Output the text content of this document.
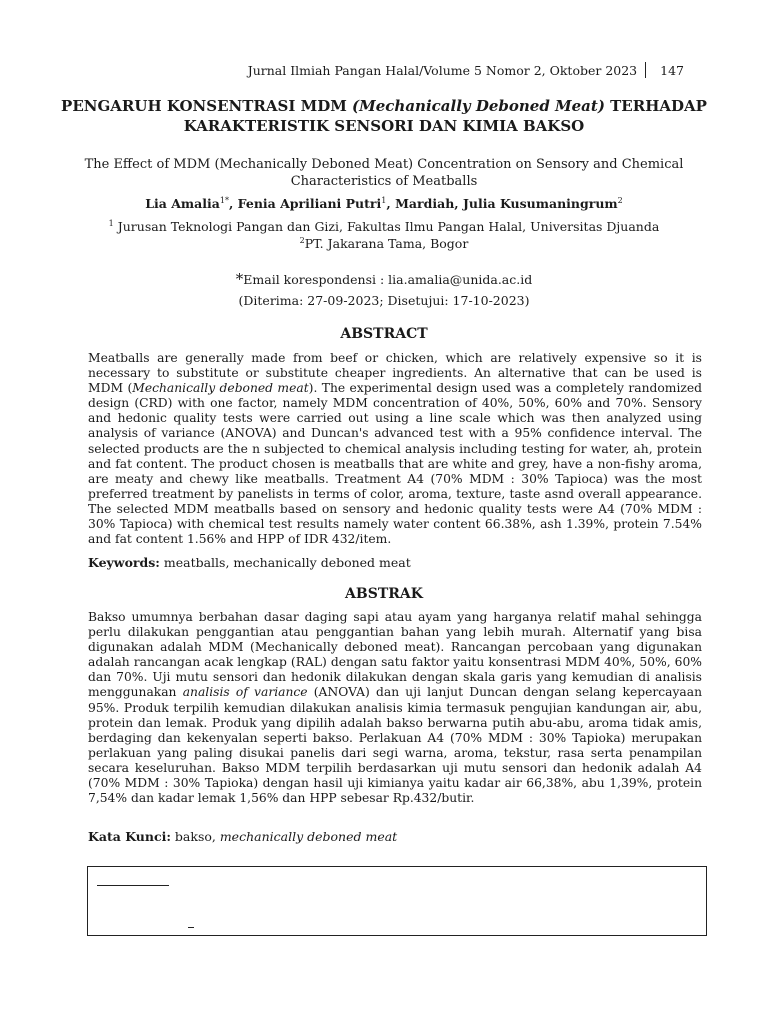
Jurnal Ilmiah Pangan Halal/Volume 5 Nomor 2, Oktober 2023 147
PENGARUH KONSENTRASI MDM (Mechanically Deboned Meat) TERHADAP KARAKTERISTIK SENSORI DAN KIMIA BAKSO
The Effect of MDM (Mechanically Deboned Meat) Concentration on Sensory and Chemical Characteristics of Meatballs
Lia Amalia$^{1*}$, Fenia Apriliani Putri$^1$, Mardiah, Julia Kusumaningrum$^2$
$^1$ Jurusan Teknologi Pangan dan Gizi, Fakultas Ilmu Pangan Halal, Universitas Djuanda
$^2$PT. Jakarana Tama, Bogor
*Email korespondensi : lia.amalia@unida.ac.id
(Diterima: 27-09-2023; Disetujui: 17-10-2023)
ABSTRACT

Meatballs are generally made from beef or chicken, which are relatively expensive so it is necessary to substitute or substitute cheaper ingredients. An alternative that can be used is MDM (Mechanically deboned meat). The experimental design used was a completely randomized design (CRD) with one factor, namely MDM concentration of 40%, 50%, 60% and 70%. Sensory and hedonic quality tests were carried out using a line scale which was then analyzed using analysis of variance (ANOVA) and Duncan's advanced test with a 95% confidence interval. The selected products are the n subjected to chemical analysis including testing for water, ah, protein and fat content. The product chosen is meatballs that are white and grey, have a non-fishy aroma, are meaty and chewy like meatballs. Treatment A4 (70% MDM : 30% Tapioca) was the most preferred treatment by panelists in terms of color, aroma, texture, taste asnd overall appearance. The selected MDM meatballs based on sensory and hedonic quality tests were A4 (70% MDM : 30% Tapioca) with chemical test results namely water content 66.38%, ash 1.39%, protein 7.54% and fat content 1.56% and HPP of IDR 432/item.

Keywords: meatballs, mechanically deboned meat
ABSTRAK

Bakso umumnya berbahan dasar daging sapi atau ayam yang harganya relatif mahal sehingga perlu dilakukan penggantian atau penggantian bahan yang lebih murah. Alternatif yang bisa digunakan adalah MDM (Mechanically deboned meat). Rancangan percobaan yang digunakan adalah rancangan acak lengkap (RAL) dengan satu faktor yaitu konsentrasi MDM 40%, 50%, 60% dan 70%. Uji mutu sensori dan hedonik dilakukan dengan skala garis yang kemudian di analisis menggunakan analisis of variance (ANOVA) dan uji lanjut Duncan dengan selang kepercayaan 95%. Produk terpilih kemudian dilakukan analisis kimia termasuk pengujian kandungan air, abu, protein dan lemak. Produk yang dipilih adalah bakso berwarna putih abu-abu, aroma tidak amis, berdaging dan kekenyalan seperti bakso. Perlakuan A4 (70% MDM : 30% Tapioka) merupakan perlakuan yang paling disukai panelis dari segi warna, aroma, tekstur, rasa serta penampilan secara keseluruhan. Bakso MDM terpilih berdasarkan uji mutu sensori dan hedonik adalah A4 (70% MDM : 30% Tapioka) dengan hasil uji kimianya yaitu kadar air 66,38%, abu 1,39%, protein 7,54% dan kadar lemak 1,56% dan HPP sebesar Rp.432/butir.

Kata Kunci: bakso, mechanically deboned meat
